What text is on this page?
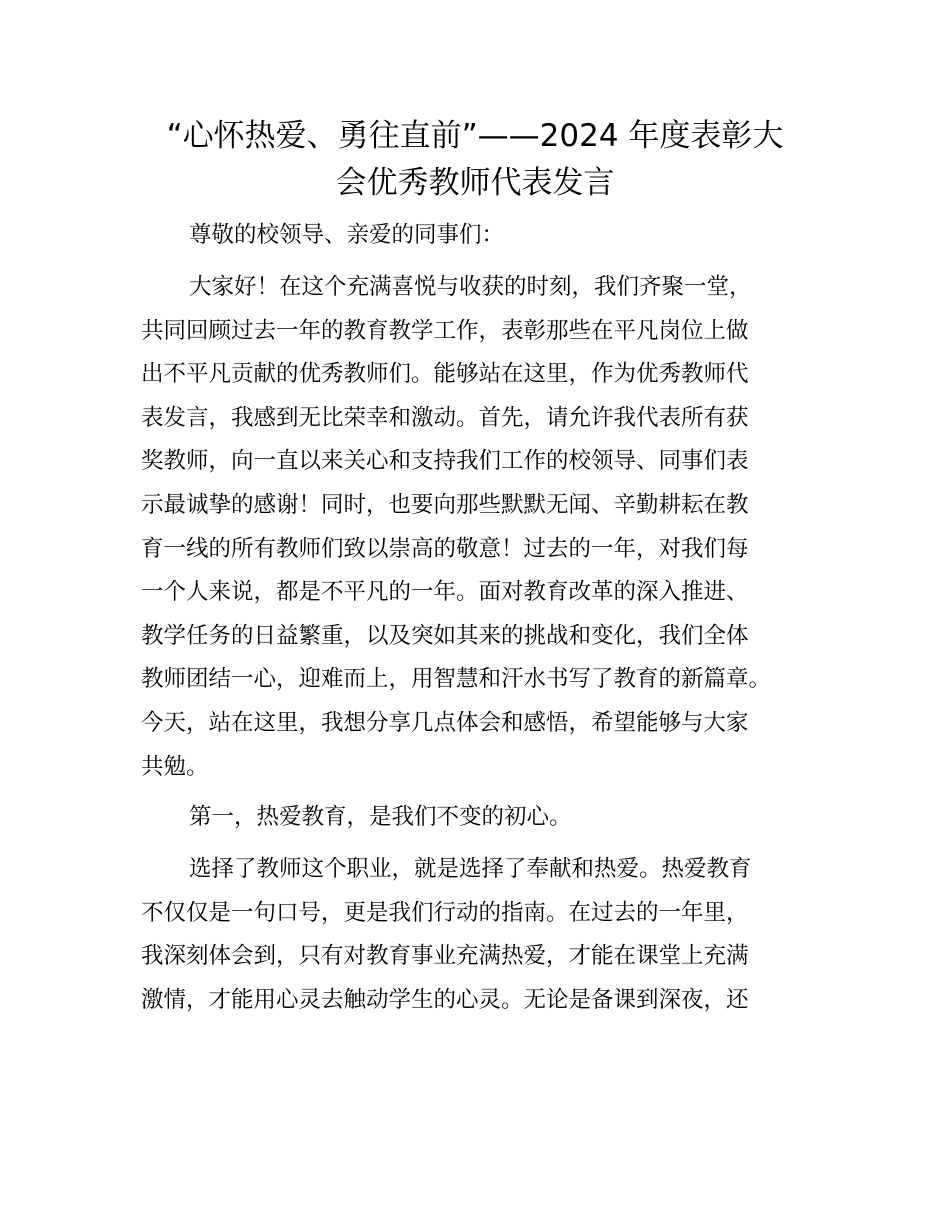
“心怀热爱、勇往直前”——2024 年度表彰大
会优秀教师代表发言
尊敬的校领导、亲爱的同事们：
大家好！在这个充满喜悦与收获的时刻，我们齐聚一堂，
共同回顾过去一年的教育教学工作，表彰那些在平凡岗位上做
出不平凡贡献的优秀教师们。能够站在这里，作为优秀教师代
表发言，我感到无比荣幸和激动。首先，请允许我代表所有获
奖教师，向一直以来关心和支持我们工作的校领导、同事们表
示最诚挚的感谢！同时，也要向那些默默无闻、辛勤耕耘在教
育一线的所有教师们致以崇高的敬意！过去的一年，对我们每
一个人来说，都是不平凡的一年。面对教育改革的深入推进、
教学任务的日益繁重，以及突如其来的挑战和变化，我们全体
教师团结一心，迎难而上，用智慧和汗水书写了教育的新篇章。
今天，站在这里，我想分享几点体会和感悟，希望能够与大家
共勉。
第一，热爱教育，是我们不变的初心。
选择了教师这个职业，就是选择了奉献和热爱。热爱教育
不仅仅是一句口号，更是我们行动的指南。在过去的一年里，
我深刻体会到，只有对教育事业充满热爱，才能在课堂上充满
激情，才能用心灵去触动学生的心灵。无论是备课到深夜，还
